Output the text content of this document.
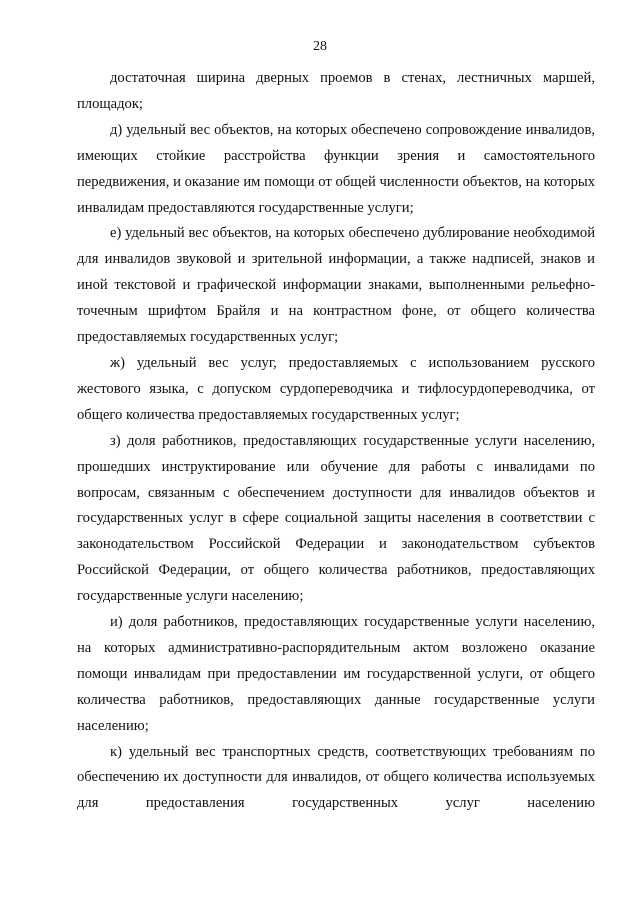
28

достаточная ширина дверных проемов в стенах, лестничных маршей, площадок;

д) удельный вес объектов, на которых обеспечено сопровождение инвалидов, имеющих стойкие расстройства функции зрения и самостоятельного передвижения, и оказание им помощи от общей численности объектов, на которых инвалидам предоставляются государственные услуги;

е) удельный вес объектов, на которых обеспечено дублирование необходимой для инвалидов звуковой и зрительной информации, а также надписей, знаков и иной текстовой и графической информации знаками, выполненными рельефно-точечным шрифтом Брайля и на контрастном фоне, от общего количества предоставляемых государственных услуг;

ж) удельный вес услуг, предоставляемых с использованием русского жестового языка, с допуском сурдопереводчика и тифлосурдопереводчика, от общего количества предоставляемых государственных услуг;

з) доля работников, предоставляющих государственные услуги населению, прошедших инструктирование или обучение для работы с инвалидами по вопросам, связанным с обеспечением доступности для инвалидов объектов и государственных услуг в сфере социальной защиты населения в соответствии с законодательством Российской Федерации и законодательством субъектов Российской Федерации, от общего количества работников, предоставляющих государственные услуги населению;

и) доля работников, предоставляющих государственные услуги населению, на которых административно-распорядительным актом возложено оказание помощи инвалидам при предоставлении им государственной услуги, от общего количества работников, предоставляющих данные государственные услуги населению;

к) удельный вес транспортных средств, соответствующих требованиям по обеспечению их доступности для инвалидов, от общего количества используемых для предоставления государственных услуг населению
